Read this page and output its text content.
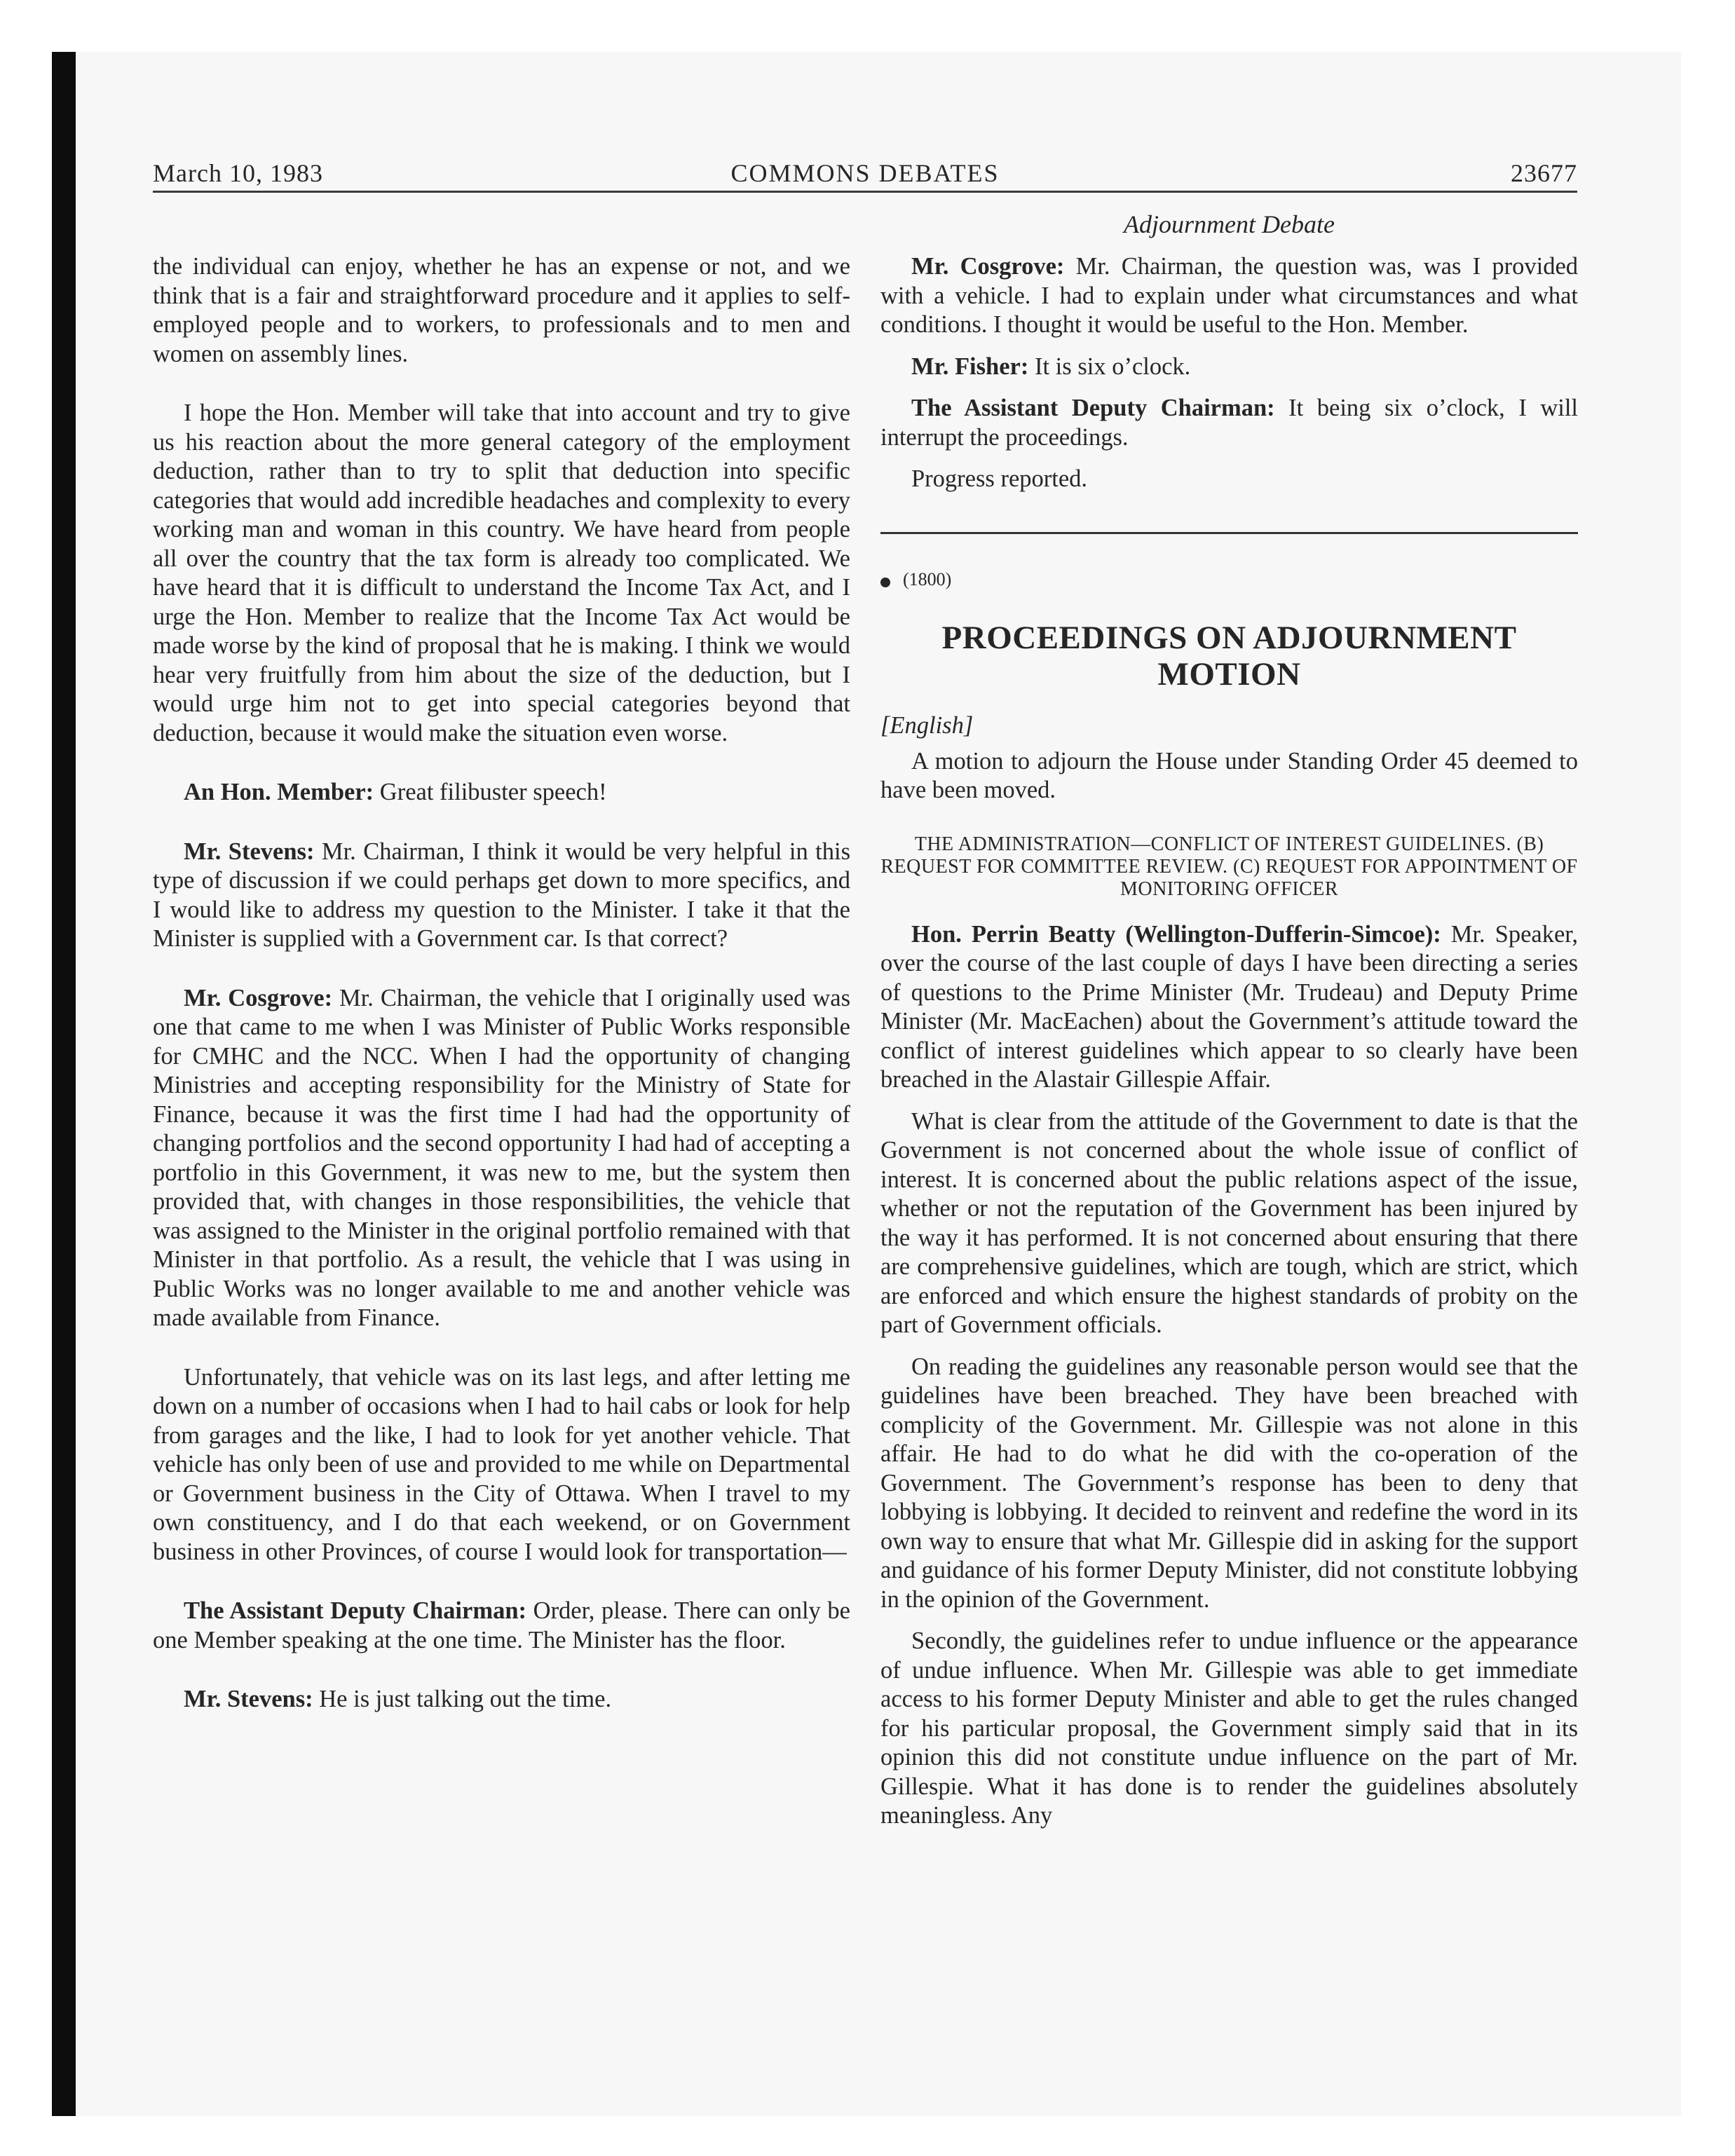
COMMONS DEBATES
March 10, 1983	23677

the individual can enjoy, whether he has an expense or not, and we think that is a fair and straightforward procedure and it applies to self-employed people and to workers, to professionals and to men and women on assembly lines.

I hope the Hon. Member will take that into account and try to give us his reaction about the more general category of the employment deduction, rather than to try to split that deduction into specific categories that would add incredible headaches and complexity to every working man and woman in this country. We have heard from people all over the country that the tax form is already too complicated. We have heard that it is difficult to understand the Income Tax Act, and I urge the Hon. Member to realize that the Income Tax Act would be made worse by the kind of proposal that he is making. I think we would hear very fruitfully from him about the size of the deduction, but I would urge him not to get into special categories beyond that deduction, because it would make the situation even worse.

An Hon. Member: Great filibuster speech!

Mr. Stevens: Mr. Chairman, I think it would be very helpful in this type of discussion if we could perhaps get down to more specifics, and I would like to address my question to the Minister. I take it that the Minister is supplied with a Government car. Is that correct?

Mr. Cosgrove: Mr. Chairman, the vehicle that I originally used was one that came to me when I was Minister of Public Works responsible for CMHC and the NCC. When I had the opportunity of changing Ministries and accepting responsibility for the Ministry of State for Finance, because it was the first time I had had the opportunity of changing portfolios and the second opportunity I had had of accepting a portfolio in this Government, it was new to me, but the system then provided that, with changes in those responsibilities, the vehicle that was assigned to the Minister in the original portfolio remained with that Minister in that portfolio. As a result, the vehicle that I was using in Public Works was no longer available to me and another vehicle was made available from Finance.

Unfortunately, that vehicle was on its last legs, and after letting me down on a number of occasions when I had to hail cabs or look for help from garages and the like, I had to look for yet another vehicle. That vehicle has only been of use and provided to me while on Departmental or Government business in the City of Ottawa. When I travel to my own constituency, and I do that each weekend, or on Government business in other Provinces, of course I would look for transportation—

The Assistant Deputy Chairman: Order, please. There can only be one Member speaking at the one time. The Minister has the floor.

Mr. Stevens: He is just talking out the time.

Adjournment Debate

Mr. Cosgrove: Mr. Chairman, the question was, was I provided with a vehicle. I had to explain under what circumstances and what conditions. I thought it would be useful to the Hon. Member.

Mr. Fisher: It is six o’clock.

The Assistant Deputy Chairman: It being six o’clock, I will interrupt the proceedings.

Progress reported.

(1800)
PROCEEDINGS ON ADJOURNMENT MOTION
[English]

A motion to adjourn the House under Standing Order 45 deemed to have been moved.

THE ADMINISTRATION—CONFLICT OF INTEREST GUIDELINES. (B) REQUEST FOR COMMITTEE REVIEW. (C) REQUEST FOR APPOINTMENT OF MONITORING OFFICER

Hon. Perrin Beatty (Wellington-Dufferin-Simcoe): Mr. Speaker, over the course of the last couple of days I have been directing a series of questions to the Prime Minister (Mr. Trudeau) and Deputy Prime Minister (Mr. MacEachen) about the Government’s attitude toward the conflict of interest guidelines which appear to so clearly have been breached in the Alastair Gillespie Affair.

What is clear from the attitude of the Government to date is that the Government is not concerned about the whole issue of conflict of interest. It is concerned about the public relations aspect of the issue, whether or not the reputation of the Government has been injured by the way it has performed. It is not concerned about ensuring that there are comprehensive guidelines, which are tough, which are strict, which are enforced and which ensure the highest standards of probity on the part of Government officials.

On reading the guidelines any reasonable person would see that the guidelines have been breached. They have been breached with complicity of the Government. Mr. Gillespie was not alone in this affair. He had to do what he did with the co-operation of the Government. The Government’s response has been to deny that lobbying is lobbying. It decided to reinvent and redefine the word in its own way to ensure that what Mr. Gillespie did in asking for the support and guidance of his former Deputy Minister, did not constitute lobbying in the opinion of the Government.

Secondly, the guidelines refer to undue influence or the appearance of undue influence. When Mr. Gillespie was able to get immediate access to his former Deputy Minister and able to get the rules changed for his particular proposal, the Government simply said that in its opinion this did not constitute undue influence on the part of Mr. Gillespie. What it has done is to render the guidelines absolutely meaningless. Any
